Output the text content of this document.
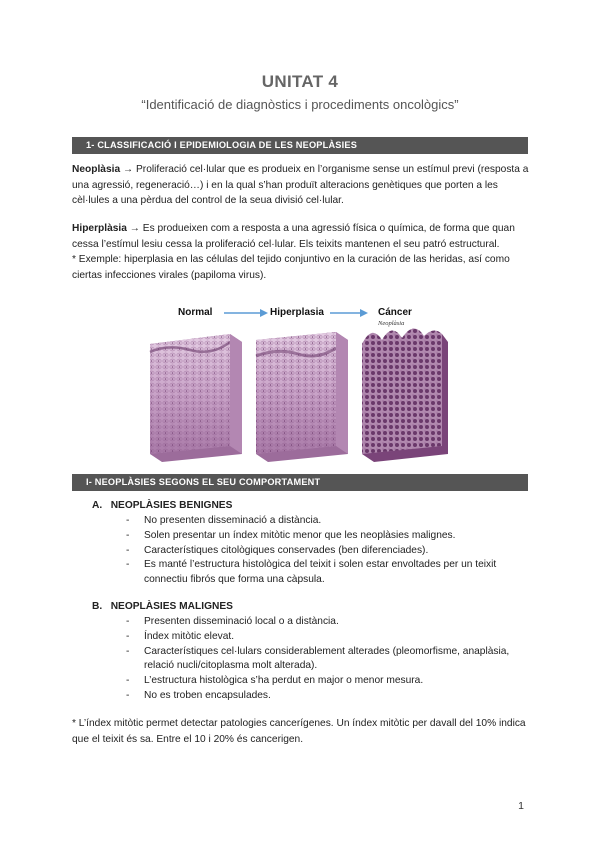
UNITAT 4
“Identificació de diagnòstics i procediments oncològics”
1- CLASSIFICACIÓ I EPIDEMIOLOGIA DE LES NEOPLÀSIES
Neoplàsia → Proliferació cel·lular que es produeix en l’organisme sense un estímul previ (resposta a una agressió, regeneració…) i en la qual s’han produït alteracions genètiques que porten a les cèl·lules a una pèrdua del control de la seua divisió cel·lular.
Hiperplàsia → Es produeixen com a resposta a una agressió física o química, de forma que quan cessa l’estímul lesiu cessa la proliferació cel·lular. Els teixits mantenen el seu patró estructural.
* Exemple: hiperplasia en las células del tejido conjuntivo en la curación de las heridas, así como ciertas infecciones virales (papiloma virus).
Normal	Hiperplasia	Cáncer
Neoplàsia
I- NEOPLÀSIES SEGONS EL SEU COMPORTAMENT
A. NEOPLÀSIES BENIGNES
- No presenten disseminació a distància.
- Solen presentar un índex mitòtic menor que les neoplàsies malignes.
- Característiques citològiques conservades (ben diferenciades).
- Es manté l’estructura histològica del teixit i solen estar envoltades per un teixit connectiu fibrós que forma una càpsula.
B. NEOPLÀSIES MALIGNES
- Presenten disseminació local o a distància.
- Índex mitòtic elevat.
- Característiques cel·lulars considerablement alterades (pleomorfisme, anaplàsia, relació nucli/citoplasma molt alterada).
- L’estructura histològica s’ha perdut en major o menor mesura.
- No es troben encapsulades.
* L’índex mitòtic permet detectar patologies cancerígenes. Un índex mitòtic per davall del 10% indica que el teixit és sa. Entre el 10 i 20% és cancerigen.
1
